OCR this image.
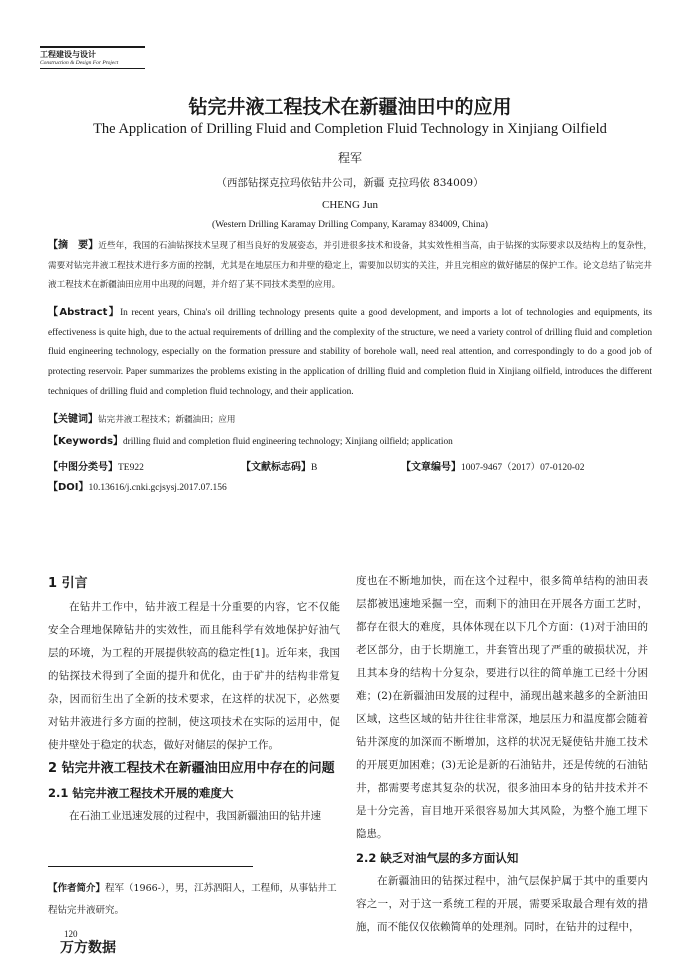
工程建设与设计
Construction & Design For Project
钻完井液工程技术在新疆油田中的应用
The Application of Drilling Fluid and Completion Fluid Technology in Xinjiang Oilfield
程军
（西部钻探克拉玛依钻井公司，新疆 克拉玛依 834009）
CHENG Jun
(Western Drilling Karamay Drilling Company, Karamay 834009, China)
【摘　要】近些年，我国的石油钻探技术呈现了相当良好的发展姿态，并引进很多技术和设备，其实效性相当高，由于钻探的实际要求以及结构上的复杂性，需要对钻完井液工程技术进行多方面的控制，尤其是在地层压力和井壁的稳定上，需要加以切实的关注，并且完相应的做好储层的保护工作。论文总结了钻完井液工程技术在新疆油田应用中出现的问题，并介绍了某不同技术类型的应用。
【Abstract】In recent years, China's oil drilling technology presents quite a good development, and imports a lot of technologies and equipments, its effectiveness is quite high, due to the actual requirements of drilling and the complexity of the structure, we need a variety control of drilling fluid and completion fluid engineering technology, especially on the formation pressure and stability of borehole wall, need real attention, and correspondingly to do a good job of protecting reservoir. Paper summarizes the problems existing in the application of drilling fluid and completion fluid in Xinjiang oilfield, introduces the different techniques of drilling fluid and completion fluid technology, and their application.
【关键词】钻完井液工程技术；新疆油田；应用
【Keywords】drilling fluid and completion fluid engineering technology; Xinjiang oilfield; application
【中图分类号】TE922	【文献标志码】B	【文章编号】1007-9467（2017）07-0120-02
【DOI】10.13616/j.cnki.gcjsysj.2017.07.156

1 引言

在钻井工作中，钻井液工程是十分重要的内容，它不仅能安全合理地保障钻井的实效性，而且能科学有效地保护好油气层的环境，为工程的开展提供较高的稳定性[1]。近年来，我国的钻探技术得到了全面的提升和优化，由于矿井的结构非常复杂，因而衍生出了全新的技术要求，在这样的状况下，必然要对钻井液进行多方面的控制，使这项技术在实际的运用中，促使井壁处于稳定的状态，做好对储层的保护工作。

2 钻完井液工程技术在新疆油田应用中存在的问题

2.1 钻完井液工程技术开展的难度大

在石油工业迅速发展的过程中，我国新疆油田的钻井速

度也在不断地加快，而在这个过程中，很多简单结构的油田表层都被迅速地采掘一空，而剩下的油田在开展各方面工艺时，都存在很大的难度，具体体现在以下几个方面：(1)对于油田的老区部分，由于长期施工，井套管出现了严重的破损状况，并且其本身的结构十分复杂，要进行以往的简单施工已经十分困难；(2)在新疆油田发展的过程中，涌现出越来越多的全新油田区域，这些区域的钻井往往非常深，地层压力和温度都会随着钻井深度的加深而不断增加，这样的状况无疑使钻井施工技术的开展更加困难；(3)无论是新的石油钻井，还是传统的石油钻井，都需要考虑其复杂的状况，很多油田本身的钻井技术并不是十分完善，盲目地开采很容易加大其风险，为整个施工埋下隐患。

2.2 缺乏对油气层的多方面认知

在新疆油田的钻探过程中，油气层保护属于其中的重要内容之一，对于这一系统工程的开展，需要采取最合理有效的措施，而不能仅仅依赖简单的处理剂。同时，在钻井的过程中，

【作者简介】程军（1966-），男，江苏泗阳人，工程师，从事钻井工程钻完井液研究。
120
万方数据
